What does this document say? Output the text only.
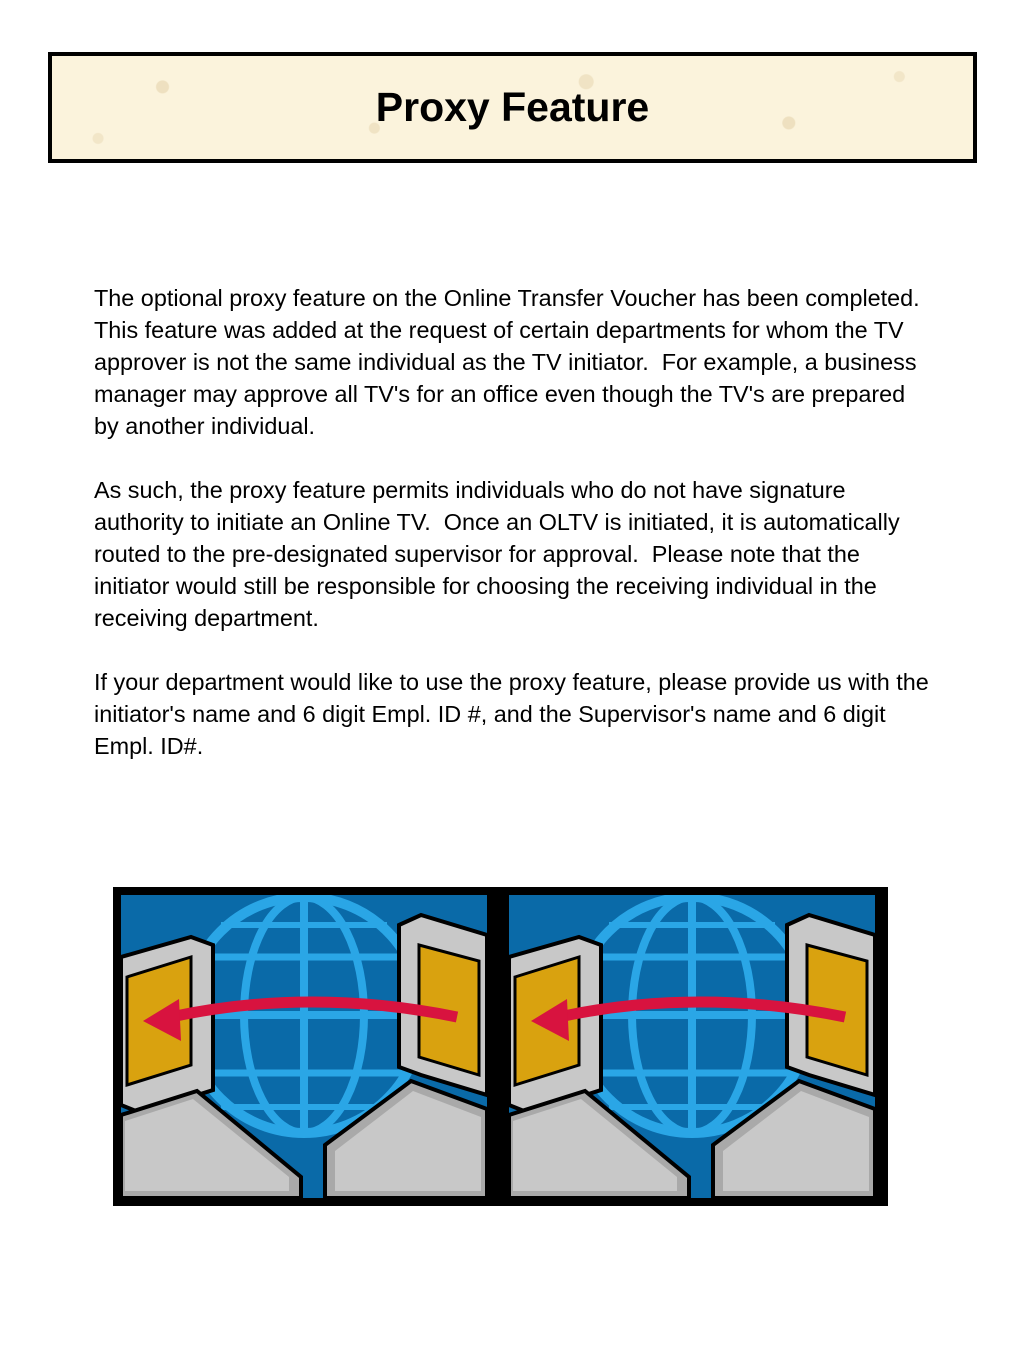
Proxy Feature

The optional proxy feature on the Online Transfer Voucher has been completed.   This feature was added at the request of certain departments for whom the TV approver is not the same individual as the TV initiator.  For example, a business manager may approve all TV's for an office even though the TV's are prepared by another individual.

As such, the proxy feature permits individuals who do not have signature authority to initiate an Online TV.  Once an OLTV is initiated, it is automatically routed to the pre-designated supervisor for approval.  Please note that the initiator would still be responsible for choosing the receiving individual in the receiving department.

If your department would like to use the proxy feature, please provide us with the initiator's name and 6 digit Empl. ID #, and the Supervisor's name and 6 digit Empl. ID#.
